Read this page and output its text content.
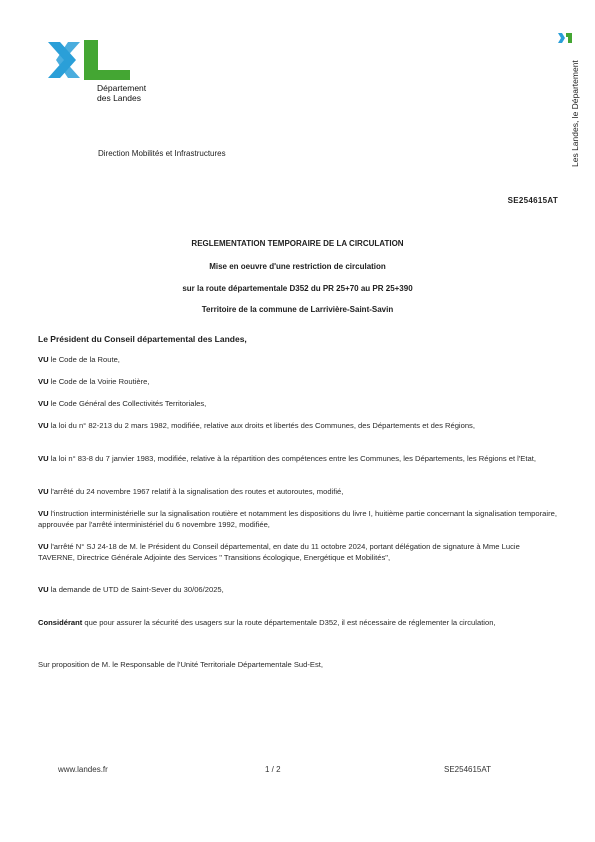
Département
des Landes	Les Landes, le Département
Direction Mobilités et Infrastructures
SE254615AT
REGLEMENTATION TEMPORAIRE DE LA CIRCULATION
Mise en oeuvre d'une restriction de circulation
sur la route départementale D352 du PR 25+70 au PR 25+390
Territoire de la commune de Larrivière-Saint-Savin
Le Président du Conseil départemental des Landes,
VU le Code de la Route,
VU le Code de la Voirie Routière,
VU le Code Général des Collectivités Territoriales,
VU la loi du n° 82-213 du 2 mars 1982, modifiée, relative aux droits et libertés des Communes, des Départements et des Régions,
VU la loi n° 83-8 du 7 janvier 1983, modifiée, relative à la répartition des compétences entre les Communes, les Départements, les Régions et l'Etat,
VU l'arrêté du 24 novembre 1967 relatif à la signalisation des routes et autoroutes, modifié,
VU l'instruction interministérielle sur la signalisation routière et notamment les dispositions du livre I, huitième partie concernant la signalisation temporaire, approuvée par l'arrêté interministériel du 6 novembre 1992, modifiée,
VU l'arrêté N° SJ 24-18 de M. le Président du Conseil départemental, en date du 11 octobre 2024, portant délégation de signature à Mme Lucie TAVERNE, Directrice Générale Adjointe des Services " Transitions écologique, Energétique et Mobilités",
VU la demande de UTD de Saint-Sever du 30/06/2025,
Considérant que pour assurer la sécurité des usagers sur la route départementale D352, il est nécessaire de réglementer la circulation,
Sur proposition de M. le Responsable de l'Unité Territoriale Départementale Sud-Est,
www.landes.fr	1 / 2	SE254615AT
